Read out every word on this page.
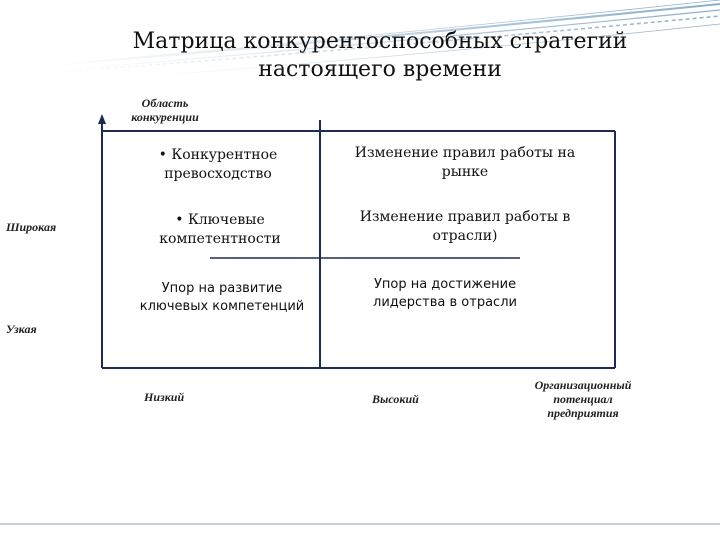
Матрица конкурентоспособных стратегий
настоящего времени
Область
конкуренции
Широкая
Узкая
• Конкурентное
превосходство
• Ключевые
компетентности
Изменение правил работы на
рынке
Изменение правил работы в
отрасли)
Упор на развитие
ключевых компетенций
Упор на достижение
лидерства в отрасли
Низкий	Высокий
Организационный
потенциал
предприятия
